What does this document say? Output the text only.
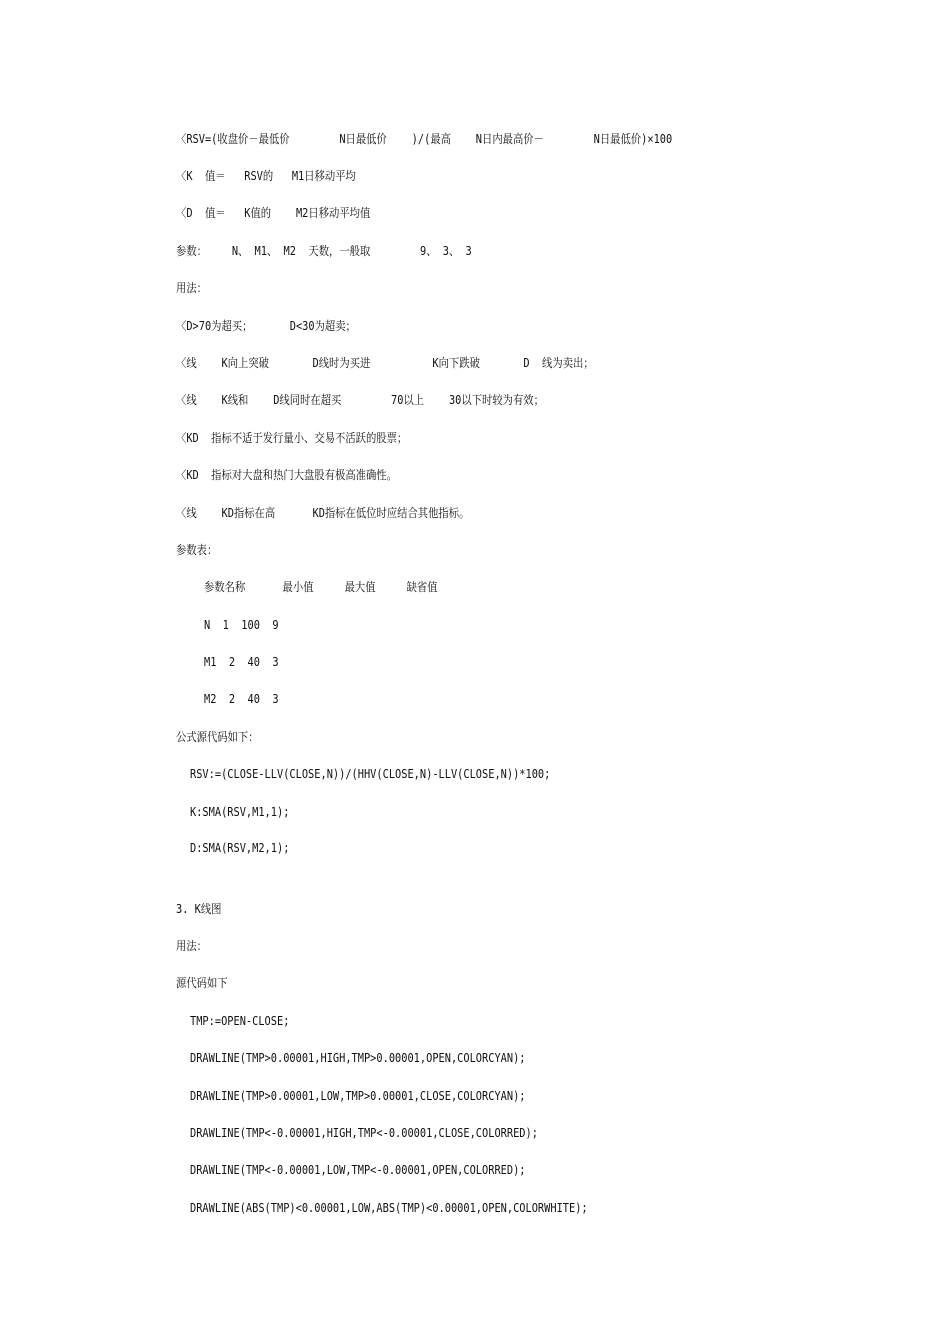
〈RSV=(收盘价－最低价        N日最低价    )/(最高    N日内最高价－        N日最低价)×100
〈K  值＝   RSV的   M1日移动平均
〈D  值＝   K值的    M2日移动平均值
参数：    N、 M1、 M2  天数，一般取        9、 3、 3
用法：
〈D>70为超买；      D<30为超卖；
〈线    K向上突破       D线时为买进          K向下跌破       D  线为卖出；
〈线    K线和    D线同时在超买        70以上    30以下时较为有效；
〈KD  指标不适于发行量小、交易不活跃的股票；
〈KD  指标对大盘和热门大盘股有极高准确性。
〈线    KD指标在高      KD指标在低位时应结合其他指标。
参数表：
参数名称      最小值     最大值     缺省值
N  1  100  9
M1  2  40  3
M2  2  40  3
公式源代码如下：
RSV:=(CLOSE-LLV(CLOSE,N))/(HHV(CLOSE,N)-LLV(CLOSE,N))*100;
K:SMA(RSV,M1,1);
D:SMA(RSV,M2,1);
3. K线图
用法：
源代码如下
TMP:=OPEN-CLOSE;
DRAWLINE(TMP>0.00001,HIGH,TMP>0.00001,OPEN,COLORCYAN);
DRAWLINE(TMP>0.00001,LOW,TMP>0.00001,CLOSE,COLORCYAN);
DRAWLINE(TMP<-0.00001,HIGH,TMP<-0.00001,CLOSE,COLORRED);
DRAWLINE(TMP<-0.00001,LOW,TMP<-0.00001,OPEN,COLORRED);
DRAWLINE(ABS(TMP)<0.00001,LOW,ABS(TMP)<0.00001,OPEN,COLORWHITE);
